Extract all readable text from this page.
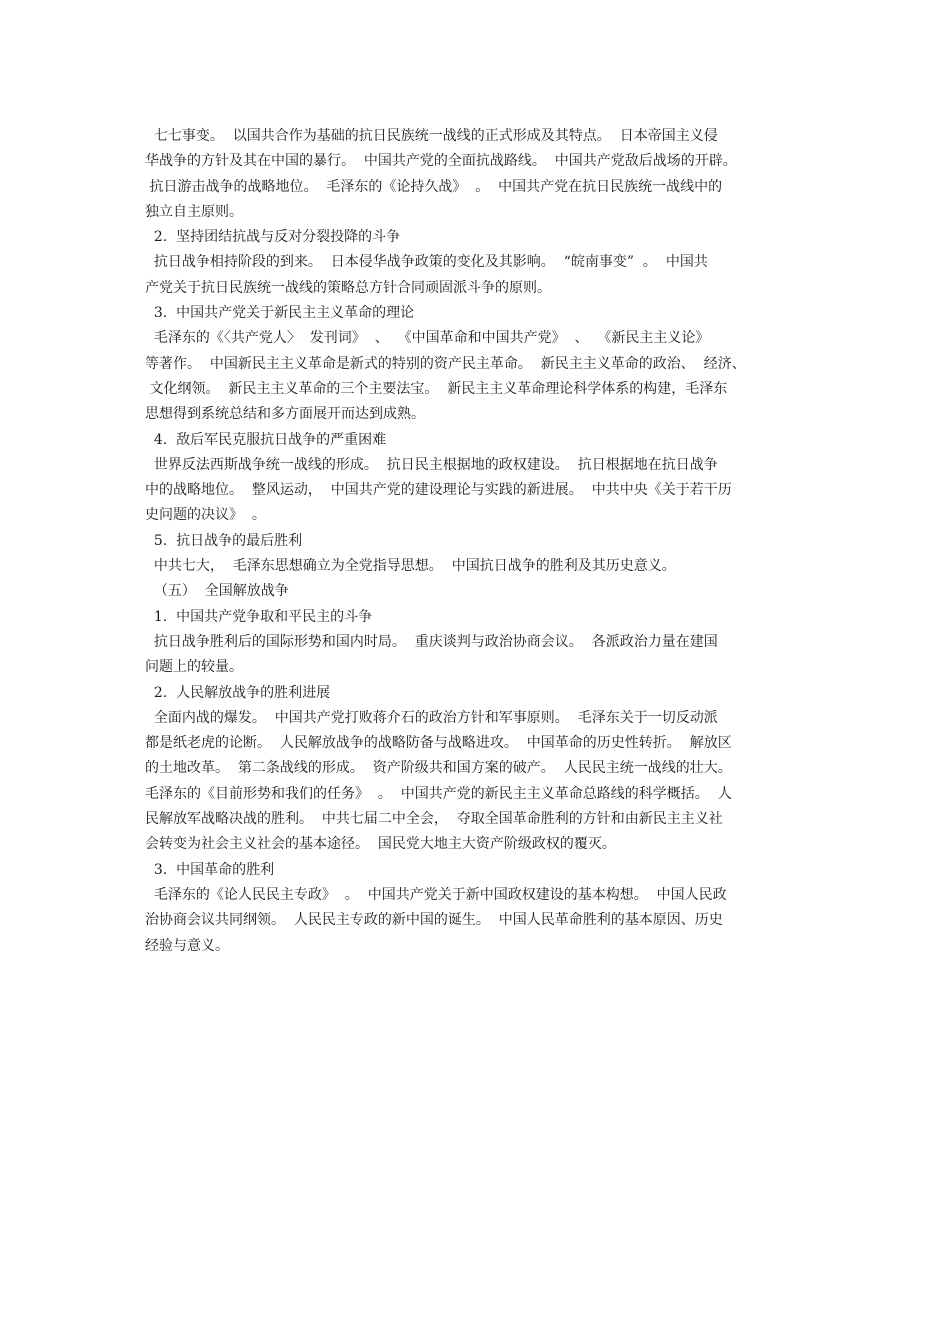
七七事变。  以国共合作为基础的抗日民族统一战线的正式形成及其特点。  日本帝国主义侵
华战争的方针及其在中国的暴行。  中国共产党的全面抗战路线。  中国共产党敌后战场的开辟。
抗日游击战争的战略地位。  毛泽东的《论持久战》  。  中国共产党在抗日民族统一战线中的
独立自主原则。
2.  坚持团结抗战与反对分裂投降的斗争
抗日战争相持阶段的到来。  日本侵华战争政策的变化及其影响。  “皖南事变”  。  中国共
产党关于抗日民族统一战线的策略总方针合同顽固派斗争的原则。
3.  中国共产党关于新民主主义革命的理论
毛泽东的《〈共产党人〉  发刊词》  、  《中国革命和中国共产党》  、  《新民主主义论》
等著作。  中国新民主主义革命是新式的特别的资产民主革命。  新民主主义革命的政治、  经济、
文化纲领。  新民主主义革命的三个主要法宝。  新民主主义革命理论科学体系的构建，毛泽东
思想得到系统总结和多方面展开而达到成熟。
4.  敌后军民克服抗日战争的严重困难
世界反法西斯战争统一战线的形成。  抗日民主根据地的政权建设。  抗日根据地在抗日战争
中的战略地位。  整风运动，  中国共产党的建设理论与实践的新进展。  中共中央《关于若干历
史问题的决议》  。
5.  抗日战争的最后胜利
中共七大，  毛泽东思想确立为全党指导思想。  中国抗日战争的胜利及其历史意义。
（五）  全国解放战争
1.  中国共产党争取和平民主的斗争
抗日战争胜利后的国际形势和国内时局。  重庆谈判与政治协商会议。  各派政治力量在建国
问题上的较量。
2.  人民解放战争的胜利进展
全面内战的爆发。  中国共产党打败蒋介石的政治方针和军事原则。  毛泽东关于一切反动派
都是纸老虎的论断。  人民解放战争的战略防备与战略进攻。  中国革命的历史性转折。  解放区
的土地改革。  第二条战线的形成。  资产阶级共和国方案的破产。  人民民主统一战线的壮大。
毛泽东的《目前形势和我们的任务》  。  中国共产党的新民主主义革命总路线的科学概括。  人
民解放军战略决战的胜利。  中共七届二中全会，  夺取全国革命胜利的方针和由新民主主义社
会转变为社会主义社会的基本途径。  国民党大地主大资产阶级政权的覆灭。
3.  中国革命的胜利
毛泽东的《论人民民主专政》  。  中国共产党关于新中国政权建设的基本构想。  中国人民政
治协商会议共同纲领。  人民民主专政的新中国的诞生。  中国人民革命胜利的基本原因、历史
经验与意义。
